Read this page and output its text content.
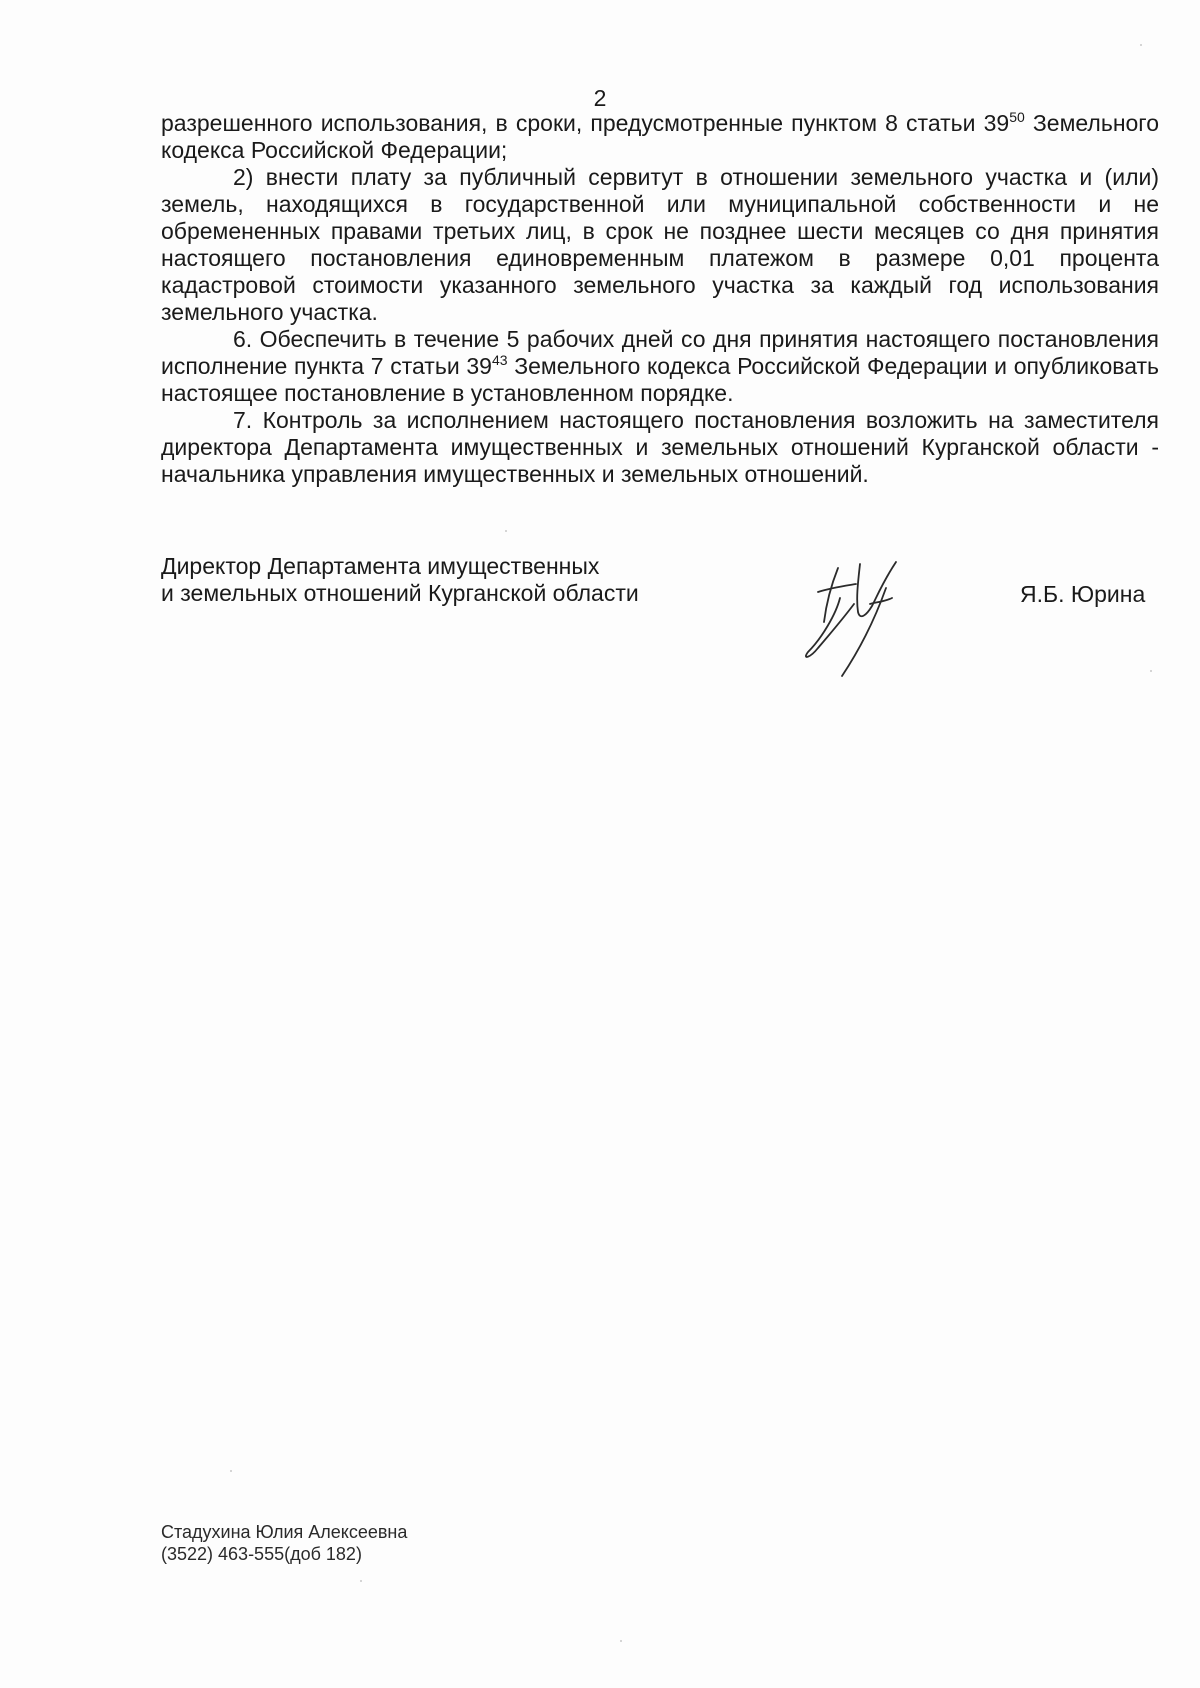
2

разрешенного использования, в сроки, предусмотренные пунктом 8 статьи $39^{50}$ Земельного кодекса Российской Федерации;

2) внести плату за публичный сервитут в отношении земельного участка и (или) земель, находящихся в государственной или муниципальной собственности и не обремененных правами третьих лиц, в срок не позднее шести месяцев со дня принятия настоящего постановления единовременным платежом в размере 0,01 процента кадастровой стоимости указанного земельного участка за каждый год использования земельного участка.

6. Обеспечить в течение 5 рабочих дней со дня принятия настоящего постановления исполнение пункта 7 статьи $39^{43}$ Земельного кодекса Российской Федерации и опубликовать настоящее постановление в установленном порядке.

7. Контроль за исполнением настоящего постановления возложить на заместителя директора Департамента имущественных и земельных отношений Курганской области - начальника управления имущественных и земельных отношений.

Директор Департамента имущественных
и земельных отношений Курганской области	Я.Б. Юрина
Стадухина Юлия Алексеевна
(3522) 463-555(доб 182)
